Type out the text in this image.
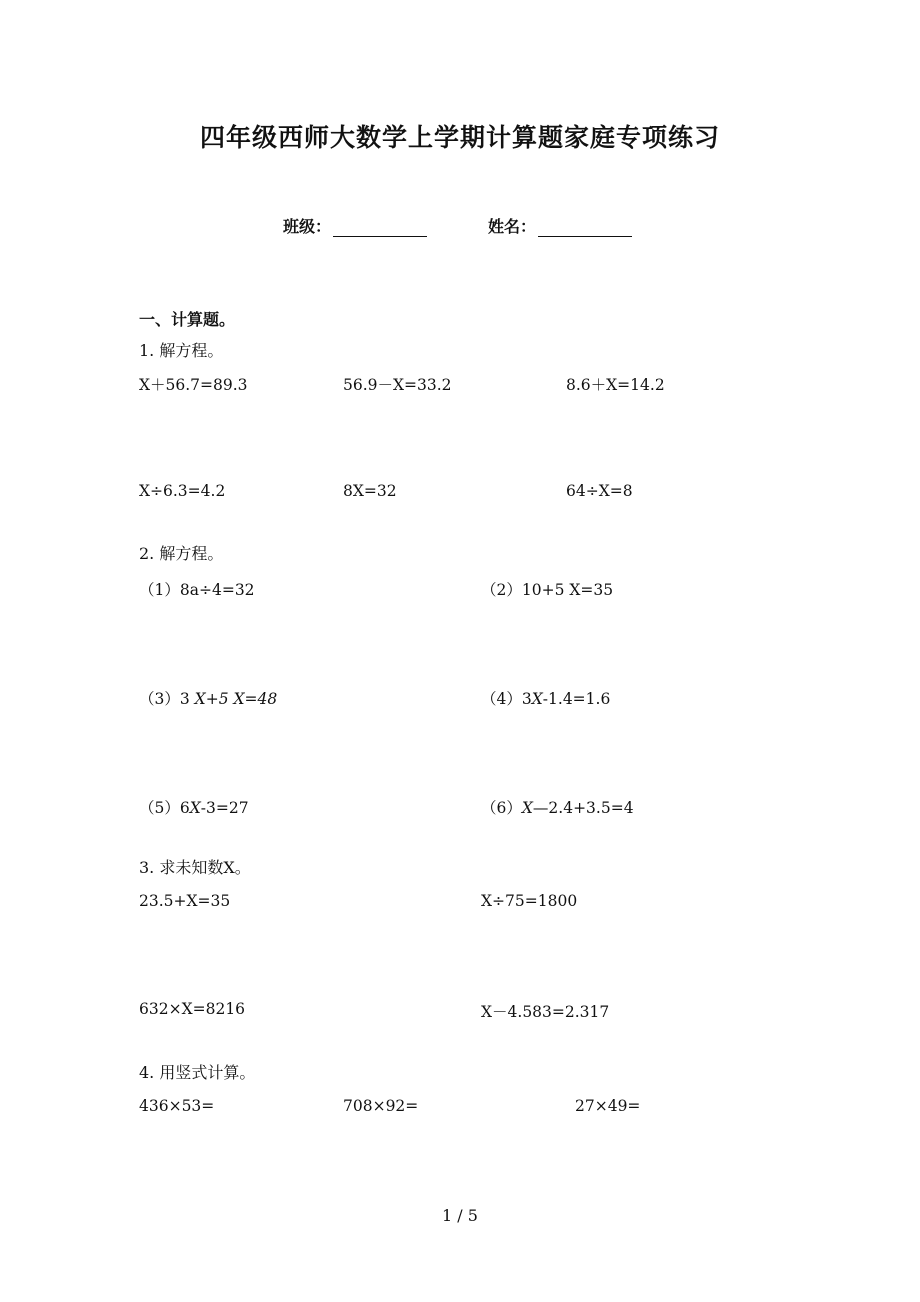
四年级西师大数学上学期计算题家庭专项练习
班级：	姓名：
一、计算题。
1. 解方程。
X＋56.7=89.3	56.9－X=33.2	8.6＋X=14.2
X÷6.3=4.2	8X=32	64÷X=8
2. 解方程。
（1）8a÷4=32	（2）10+5 X=35
（3）3 X+5 X=48	（4）3X-1.4=1.6
（5）6X-3=27	（6）X—2.4+3.5=4
3. 求未知数X。
23.5+X=35	X÷75=1800
632×X=8216	X－4.583=2.317
4. 用竖式计算。
436×53=	708×92=	27×49=
1 / 5
